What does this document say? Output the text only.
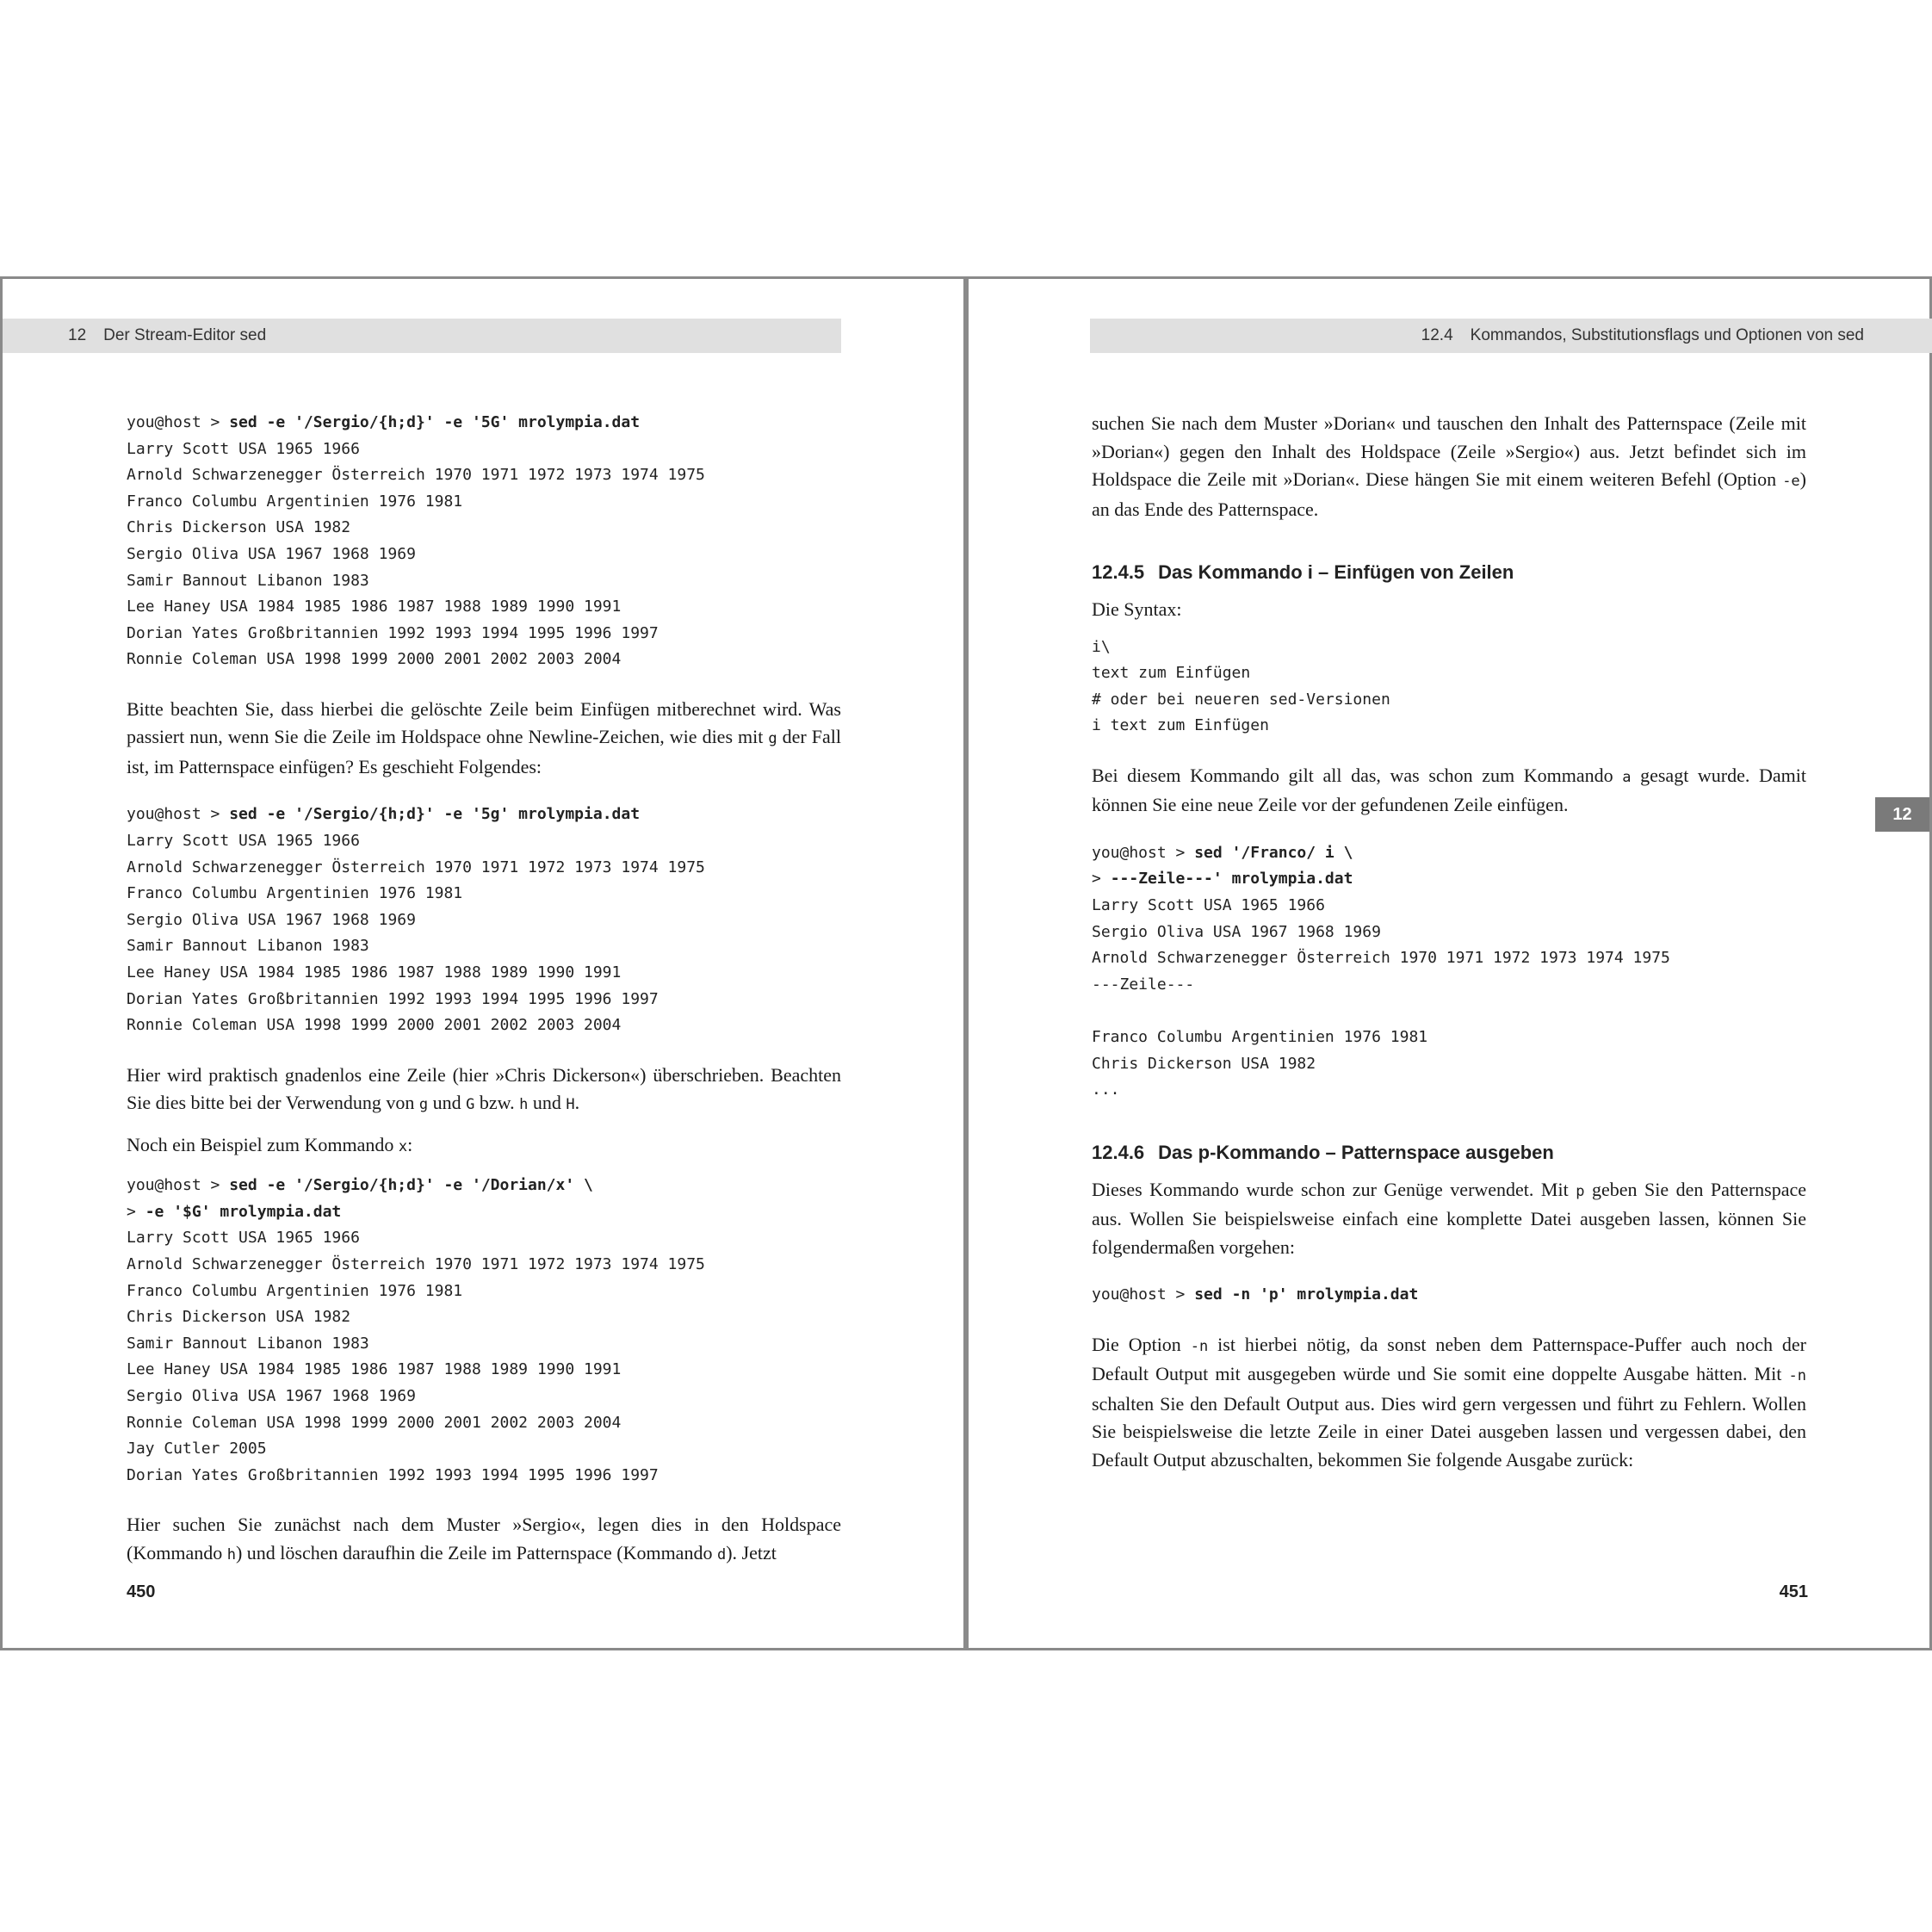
12 Der Stream-Editor sed
you@host > sed -e '/Sergio/{h;d}' -e '5G' mrolympia.dat
Larry Scott USA 1965 1966
Arnold Schwarzenegger Österreich 1970 1971 1972 1973 1974 1975
Franco Columbu Argentinien 1976 1981
Chris Dickerson USA 1982
Sergio Oliva USA 1967 1968 1969
Samir Bannout Libanon 1983
Lee Haney USA 1984 1985 1986 1987 1988 1989 1990 1991
Dorian Yates Großbritannien 1992 1993 1994 1995 1996 1997
Ronnie Coleman USA 1998 1999 2000 2001 2002 2003 2004

Bitte beachten Sie, dass hierbei die gelöschte Zeile beim Einfügen mitberechnet wird. Was passiert nun, wenn Sie die Zeile im Holdspace ohne Newline-Zeichen, wie dies mit g der Fall ist, im Patternspace einfügen? Es geschieht Folgendes:

you@host > sed -e '/Sergio/{h;d}' -e '5g' mrolympia.dat
Larry Scott USA 1965 1966
Arnold Schwarzenegger Österreich 1970 1971 1972 1973 1974 1975
Franco Columbu Argentinien 1976 1981
Sergio Oliva USA 1967 1968 1969
Samir Bannout Libanon 1983
Lee Haney USA 1984 1985 1986 1987 1988 1989 1990 1991
Dorian Yates Großbritannien 1992 1993 1994 1995 1996 1997
Ronnie Coleman USA 1998 1999 2000 2001 2002 2003 2004

Hier wird praktisch gnadenlos eine Zeile (hier »Chris Dickerson«) überschrieben. Beachten Sie dies bitte bei der Verwendung von g und G bzw. h und H.

Noch ein Beispiel zum Kommando x:

you@host > sed -e '/Sergio/{h;d}' -e '/Dorian/x' \
> -e '$G' mrolympia.dat
Larry Scott USA 1965 1966
Arnold Schwarzenegger Österreich 1970 1971 1972 1973 1974 1975
Franco Columbu Argentinien 1976 1981
Chris Dickerson USA 1982
Samir Bannout Libanon 1983
Lee Haney USA 1984 1985 1986 1987 1988 1989 1990 1991
Sergio Oliva USA 1967 1968 1969
Ronnie Coleman USA 1998 1999 2000 2001 2002 2003 2004
Jay Cutler 2005
Dorian Yates Großbritannien 1992 1993 1994 1995 1996 1997

Hier suchen Sie zunächst nach dem Muster »Sergio«, legen dies in den Holdspace (Kommando h) und löschen daraufhin die Zeile im Patternspace (Kommando d). Jetzt

450
12.4 Kommandos, Substitutionsflags und Optionen von sed

suchen Sie nach dem Muster »Dorian« und tauschen den Inhalt des Patternspace (Zeile mit »Dorian«) gegen den Inhalt des Holdspace (Zeile »Sergio«) aus. Jetzt befindet sich im Holdspace die Zeile mit »Dorian«. Diese hängen Sie mit einem weiteren Befehl (Option -e) an das Ende des Patternspace.

12.4.5 Das Kommando i – Einfügen von Zeilen

Die Syntax:

i\
text zum Einfügen
# oder bei neueren sed-Versionen
i text zum Einfügen

Bei diesem Kommando gilt all das, was schon zum Kommando a gesagt wurde. Damit können Sie eine neue Zeile vor der gefundenen Zeile einfügen.

you@host > sed '/Franco/ i \
> ---Zeile---' mrolympia.dat
Larry Scott USA 1965 1966
Sergio Oliva USA 1967 1968 1969
Arnold Schwarzenegger Österreich 1970 1971 1972 1973 1974 1975
---Zeile---

Franco Columbu Argentinien 1976 1981
Chris Dickerson USA 1982
...
12.4.6 Das p-Kommando – Patternspace ausgeben

Dieses Kommando wurde schon zur Genüge verwendet. Mit p geben Sie den Patternspace aus. Wollen Sie beispielsweise einfach eine komplette Datei ausgeben lassen, können Sie folgendermaßen vorgehen:

you@host > sed -n 'p' mrolympia.dat

Die Option -n ist hierbei nötig, da sonst neben dem Patternspace-Puffer auch noch der Default Output mit ausgegeben würde und Sie somit eine doppelte Ausgabe hätten. Mit -n schalten Sie den Default Output aus. Dies wird gern vergessen und führt zu Fehlern. Wollen Sie beispielsweise die letzte Zeile in einer Datei ausgeben lassen und vergessen dabei, den Default Output abzuschalten, bekommen Sie folgende Ausgabe zurück:

12
451
